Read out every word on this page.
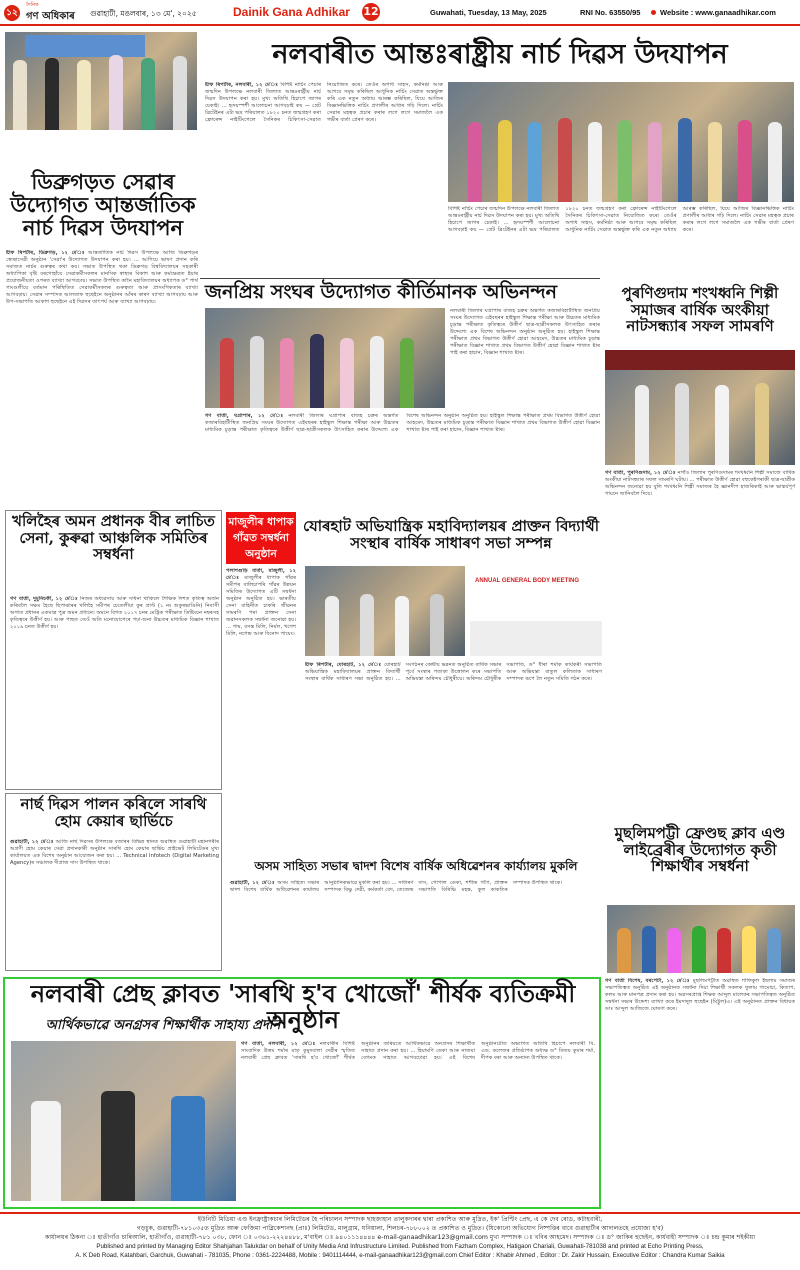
১২
দৈনিক
গণ অধিকাৰ গুৱাহাটী, মঙলবাৰ, ১৩ মে', ২০২৫	Dainik Gana Adhikar 12	Guwahati, Tuesday, 13 May, 2025	RNI No. 63550/95	Website : www.ganaadhikar.com
নলবাৰীত আন্তঃৰাষ্ট্ৰীয় নাৰ্চ দিৱস উদযাপন
ডিব্ৰুগড়ত সেৱাৰ উদ্যোগত আন্তৰ্জাতিক নাৰ্চ দিৱস উদযাপন
ষ্টাফ ৰিপৰ্টাৰ, ডিব্ৰুগড়, ১২ মে'ঃ আন্তৰ্জাতিক নাৰ্চ দিৱস উপলক্ষে আজি ডিব্ৰুগড়ৰ স্বেচ্ছাসেৱী অনুষ্ঠান 'সেৱা'ৰ উদ্যোগত উদযাপন কৰা হয়। ... আগিয়ে ভাষণ প্ৰদান কৰি সমাজত নাৰ্চৰ গুৰুত্বৰ কথা কয়। সভাত উপস্থিত থকা ডিব্ৰুগড় বিশ্ববিদ্যালয়ৰ সহকাৰী অধ্যাপিকা বৃষ্টি বৰগোহাঁয়ে সেৱাকৰ্মীসকলৰ মানসিক স্বাস্থ্যৰ বিকাশ আৰু কৰ্মক্ষেত্ৰত ইয়াৰ প্ৰয়োজনীয়তা ওপৰত ব্যাখ্যা আগবঢ়ায়। সভাত উপস্থিত কানৈ মহাবিদ্যালয়ৰ অধ্যাপক ড° পাৰ্থ গাংগুলীয়ে বৰ্তমান পৰিস্থিতিত সেৱাকৰ্মীসকলৰ গুৰুত্বতা আৰু প্ৰাসংগিকতাৰ ব্যাখ্যা আগবঢ়ায়। সেৱাৰ সম্পাদক আলতাফ হুছেইনে অনুষ্ঠানৰ আঁৰৰ কাৰণ ব্যাখ্যা আগবঢ়ায় আৰু উপ-সভাপতি আকাশ হুছেইনে এই দিৱসৰ তাৎপৰ্য আৰু ব্যাখ্যা আগবঢ়ায়।
ষ্টাফ ৰিপৰ্টাৰ, নলবাৰী, ১২ মে'ঃ বিশিষ্ট নাৰ্চিং পেচাৰ জন্মদিন উপলক্ষে নলবাৰী জিলাত আন্তঃৰাষ্ট্ৰীয় নাৰ্চ দিৱস উদযাপন কৰা হয়। মুখ্য অতিথি হিচাপে জাগৰ চেকাই। ... হৃদয়স্পৰ্শী আলোচনা আগবঢ়াই কয় — গ্ৰেট ব্ৰিটেইনৰ এটা ভদ্ৰ পৰিয়ালত ১৮২০ চনত জন্মগ্ৰহণ কৰা ফ্ৰোৰেন্স নাইটিংগেলে সৈনিকৰ চিকিৎসা-সেৱাত নিয়োজিত কৰে। তেওঁৰ অগাধ সাহস, কৰ্মনিষ্ঠা আৰু আগবে সমৃদ্ধ কৰিছিল আধুনিক নাৰ্চিং সেৱাত অন্তৰ্ভুক্ত কৰি এক নতুন অধ্যায় আৰম্ভ কৰিছিল, যিয়ে আজিৰ বিজ্ঞানভিত্তিক নাৰ্চিং প্ৰণালীৰ আধাৰ গঢ়ি দিলে। নাৰ্চিং সেৱাৰ মহত্বক প্ৰচাৰ কৰাৰ লগে লগে সমাজলৈ এক গভীৰ বাৰ্তা প্ৰেৰণ কৰে।
বিশিষ্ট নাৰ্চিং পেচাৰ জন্মদিন উপলক্ষে নলবাৰী জিলাত আন্তঃৰাষ্ট্ৰীয় নাৰ্চ দিৱস উদযাপন কৰা হয়। মুখ্য অতিথি হিচাপে জাগৰ চেকাই। ... হৃদয়স্পৰ্শী আলোচনা আগবঢ়াই কয় — গ্ৰেট ব্ৰিটেইনৰ এটা ভদ্ৰ পৰিয়ালত ১৮২০ চনত জন্মগ্ৰহণ কৰা ফ্ৰোৰেন্স নাইটিংগেলে সৈনিকৰ চিকিৎসা-সেৱাত নিয়োজিত কৰে। তেওঁৰ অগাধ সাহস, কৰ্মনিষ্ঠা আৰু আগবে সমৃদ্ধ কৰিছিল আধুনিক নাৰ্চিং সেৱাত অন্তৰ্ভুক্ত কৰি এক নতুন অধ্যায় আৰম্ভ কৰিছিল, যিয়ে আজিৰ বিজ্ঞানভিত্তিক নাৰ্চিং প্ৰণালীৰ আধাৰ গঢ়ি দিলে। নাৰ্চিং সেৱাৰ মহত্বক প্ৰচাৰ কৰাৰ লগে লগে সমাজলৈ এক গভীৰ বাৰ্তা প্ৰেৰণ কৰে।
জনপ্ৰিয় সংঘৰ উদ্যোগত কীৰ্তিমানক অভিনন্দন
নলবাৰী জিলাৰ ঘগ্ৰাপাৰ বাজহ চক্ৰৰ অন্তৰ্গত কজাৰবিহাটীস্থিত জনপ্ৰিয় সংঘৰ উদ্যোগত এইবছৰৰ হাইস্কুল শিক্ষান্ত পৰীক্ষা আৰু উচ্চতৰ মাধ্যমিক চূড়ান্ত পৰীক্ষাত কৃতিত্বৰে উত্তীৰ্ণ ছাত্ৰ-ছাত্ৰীসকলক উৎসাহিত কৰাৰ উদ্দেশ্যে এক বিশেষ অভিনন্দন অনুষ্ঠান অনুষ্ঠিত হয়। হাইস্কুল শিক্ষান্ত পৰীক্ষাত প্ৰথম বিভাগত উত্তীৰ্ণ হোৱা আহমেদ, উচ্চতৰ মাধ্যমিক চূড়ান্ত পৰীক্ষাত বিজ্ঞান শাখাত প্ৰথম বিভাগত উত্তীৰ্ণ হোৱা বিজ্ঞান শাখাত ষ্টাৰ পাই কৰা হাচান, বিজ্ঞান শাখাত ষ্টাৰ।
গণ বাৰ্তা, ঘগ্ৰাপাৰ, ১২ মে'ঃ নলবাৰী জিলাৰ ঘগ্ৰাপাৰ বাজহ চক্ৰৰ অন্তৰ্গত কজাৰবিহাটীস্থিত জনপ্ৰিয় সংঘৰ উদ্যোগত এইবছৰৰ হাইস্কুল শিক্ষান্ত পৰীক্ষা আৰু উচ্চতৰ মাধ্যমিক চূড়ান্ত পৰীক্ষাত কৃতিত্বৰে উত্তীৰ্ণ ছাত্ৰ-ছাত্ৰীসকলক উৎসাহিত কৰাৰ উদ্দেশ্যে এক বিশেষ অভিনন্দন অনুষ্ঠান অনুষ্ঠিত হয়। হাইস্কুল শিক্ষান্ত পৰীক্ষাত প্ৰথম বিভাগত উত্তীৰ্ণ হোৱা আহমেদ, উচ্চতৰ মাধ্যমিক চূড়ান্ত পৰীক্ষাত বিজ্ঞান শাখাত প্ৰথম বিভাগত উত্তীৰ্ণ হোৱা বিজ্ঞান শাখাত ষ্টাৰ পাই কৰা হাচান, বিজ্ঞান শাখাত ষ্টাৰ।
পুৰণিগুদাম শংখধ্বনি শিল্পী সমাজৰ বাৰ্ষিক অংকীয়া নাটসন্ধ্যাৰ সফল সামৰণি
গণ বাৰ্তা, পুৰণিগুদাম, ১২ মে'ঃ নগাঁও জিলাৰ পুৰণিগুদামৰ শংখধ্বনি শিল্পী সমাজে বাৰ্ষিক অংকীয়া নাটসন্ধ্যাৰ সফল সামৰণি ঘটায়। ... পৰীক্ষাত উত্তীৰ্ণ হোৱা বহুকেইগৰাকী ছাত্ৰ-ছাত্ৰীক অভিনন্দন জনোৱা হয় বুলি শংখধ্বনি শিল্পী সমাজৰ হৈ জ্ঞানদীপ হাজৰিকাই আৰু ভাস্কৰ্যপূৰ্ণ গায়নে জানিবলৈ দিয়ে।
খলিহৈৰ অমন প্ৰধানক বীৰ লাচিত সেনা, কুৰুৱা আঞ্চলিক সমিতিৰ সম্বৰ্ধনা
গণ বাৰ্তা, দুমুনিচকী, ১২ মে'ঃ নিজৰ অধ্যৱসায় আৰু সাধনা থাকিলে শৈক্ষিক দিশত কৃতিত্ব অৰ্জন কৰিবলৈ সক্ষম হৈছে ছিপাঝাৰৰ খলিহৈ সমীপৰ চেতেলীয়া কুৰ গ্ৰাণ্ট (১ নং শুকুৰভাঙিনি) নিবাসী অগাত প্ৰধানৰ একমাত্ৰ পুত্ৰ অমন প্ৰধানে। অমনে বিগত ২০১৭ চনৰ মেট্ৰিক পৰীক্ষাত ডিষ্টিংচন নম্বৰসহ কৃতিত্বৰে উত্তীৰ্ণ হয়। আৰু পাছত তেওঁ অতি মনোযোগেৰে পঢ়া-শুনা উচ্চতৰ মাধ্যমিক বিজ্ঞান শাখাত ২০১৯ চনত উত্তীৰ্ণ হয়।
মাজুলীৰ ধাপাক গাঁৱত সম্বৰ্ধনা অনুষ্ঠান
পলাশগুড়ি বাৰ্তা, মাজুলী, ১২ মে'ঃ মাজুলীৰ ধাপাক গাঁৱৰ সমীপৰ বালিচাপৰি গাঁৱৰ উন্নয়ন সমিতিৰ উদ্যোগত এটি সম্বৰ্ধনা অনুষ্ঠান অনুষ্ঠিত হয়। ভাৰতীয় সেনা বাহিনীত চাকৰি জীৱনৰ সামৰণি পৰা প্ৰাক্তন সেনা জৱানসকলক সম্বৰ্ধনা জনোৱা হয়। ... গাম, বসন্ত মিলি, নিৰ্মল, খগেশ মিলি, নগেন্দ্ৰ আৰু বিনোদ পায়েং।
যোৰহাট অভিযান্ত্ৰিক মহাবিদ্যালয়ৰ প্ৰাক্তন বিদ্যাৰ্থী সংস্থাৰ বাৰ্ষিক সাধাৰণ সভা সম্পন্ন
ANNUAL GENERAL BODY MEETING
ষ্টাফ ৰিপৰ্টাৰ, যোৰহাট, ১২ মে'ঃ যোৰহাট অভিযান্ত্ৰিক মহাবিদ্যালয়ৰ প্ৰাক্তন বিদ্যাৰ্থী সংস্থাৰ বাৰ্ষিক সাধাৰণ সভা অনুষ্ঠিত হয়। ... সংগঠনৰ কেন্দ্ৰীয় ভৱনত অনুষ্ঠিত বাৰ্ষিক সভাৰ পূৰ্বে সংস্থাৰ পতাকা উত্তোলন কৰে সভাপতি অভিযন্তা অৰিন্দম চৌধুৰীয়ে। অৰিন্দম চৌধুৰীক সভাপতি, ড° ধীৰা শৰ্মাক কাৰ্যকৰী সভাপতি আৰু অভিযন্তা বাতুল কলিতাক সাধাৰণ সম্পাদক ৰূপে লৈ নতুন সমিতি গঠন কৰে।
নাৰ্ছ দিৱস পালন কৰিলে সাৰথি হোম কেয়াৰ ছাৰ্ভিচে
গুৱাহাটী, ১২ মে'ঃ আজি নাৰ্ছ দিৱসৰ উপলক্ষে বজাৰৰ বিভিন্ন স্থানত অৱস্থিত গুৱাহাটী মহানগৰীৰ অগ্ৰণী হোম কেয়াৰ সেৱা প্ৰদানকাৰী অনুষ্ঠান সাৰথি হোম কেয়াৰ ছাৰ্ভিচ প্ৰাইভেট লিমিটেডৰ মুখ্য কাৰ্যালয়ত এক বিশেষ অনুষ্ঠান আয়োজন কৰা হয়। ... Technical Infotech (Digital Marketing Agency)ৰ সঞ্চালক দীপ্ৰাজ দাস উপস্থিত থাকে।	অসম সাহিত্য সভাৰ দ্বাদশ বিশেষ বাৰ্ষিক অধিৱেশনৰ কাৰ্য্যালয় মুকলি
গুৱাহাটী, ১২ মে'ঃ অসম সাহিত্য সভাৰ দ্বাদশ বিশেষ বাৰ্ষিক অধিৱেশনৰ কাৰ্যালয় আনুষ্ঠানিকভাৱে মুকলি কৰা হয়। ... সাধাৰণ সম্পাদক বিষ্ণু দেৱী, কৰ্মকৰ্তা বেদ, তেজেন্দ্ৰ দাস, গোপাল ডেকা, শশীন্দ্ৰ গগৈ, প্ৰাক্তন সভাপতি বিৰিঞ্চি মহন্ত, কুল কাকতিৰ সম্পাদক উপস্থিত থাকে।
মুছলিমপট্টী ফ্ৰেণ্ডছ ক্লাব এণ্ড লাইব্ৰেৰীৰ উদ্যোগত কৃতী শিক্ষাৰ্থীৰ সম্বৰ্ধনা
গণ বাৰ্তা বিশেষ, বৰপেটা, ১২ মে'ঃ মুছলিমপট্টীত অৱস্থিত শাফিকুল ইছলাম সমাজৰ সভাপতিত্বত অনুষ্ঠিত এই অনুষ্ঠানত সম্বৰ্ধনা দিয়া শিক্ষাৰ্থী সকলক ফুলাম গামোচা, কিতাপ, কলম আৰু মানপত্ৰ প্ৰদান কৰা হয়। অৱসৰপ্ৰাপ্ত শিক্ষক আব্দুল মালেকৰ সভাপতিত্বত অনুষ্ঠিত সম্বৰ্ধনা সভাৰ উদ্দেশ্য ব্যাখ্যা কৰে ইমদাদুল হুছেইন (মিট্টুল)এ। এই অনুষ্ঠানত প্ৰাক্তন বিধায়ক ডাঃ আব্দুল আজিজে ঘোষণা কৰে।
নলবাৰী প্ৰেছ ক্লাবত 'সাৰথি হ'ব খোজোঁ' শীৰ্ষক ব্যতিক্ৰমী অনুষ্ঠান
আৰ্থিকভাৱে অনগ্ৰসৰ শিক্ষাৰ্থীক সাহায্য প্ৰদান
গণ বাৰ্তা, নলবাৰী, ১২ মে'ঃ নলবাৰীৰ বিশিষ্ট সাংবাদিক উত্তম শৰ্মাৰ মাতৃ কুমুদবালা দেৱীৰ স্মৃতিত নলবাৰী প্ৰেছ ক্লাবত 'সাৰথি হ'ব খোজোঁ' শীৰ্ষক অনুষ্ঠানৰ জৰিয়তে আৰ্থিকভাৱে অনগ্ৰসৰ শিক্ষাৰ্থীক সাহায্য প্ৰদান কৰা হয়। ... হিয়ামণি ডেকা আৰু নাজমা বেগমক সাহায্য আগবঢ়োৱা হয়। এই বিশেষ অনুষ্ঠানটোত অভ্যাগত অতিথি হিচাপে নলবাৰী বি. এড. কলেজৰ প্ৰতিষ্ঠাপক অধ্যক্ষ ড° বিজয় কুমাৰ শৰ্মা, দীপক বৰা আৰু অন্যান্য উপস্থিত থাকে।
ইউনিটি মিডিয়া এণ্ড ইনফ্ৰাষ্ট্ৰাকচাৰ লিমিটেডৰ হৈ পৰিচালন সম্পাদক ছাহজাহান তালুকদাৰৰ দ্বাৰা প্ৰকাশিত আৰু মুদ্ৰিত, ইক' প্ৰিণ্টিং প্ৰেছ, এ কে দেব ৰোড, কটাহবাৰী,
গড়চুক, গুৱাহাটী-৭৮১০৩৫ত মুদ্ৰিত আৰু ফেজিমা পাব্লিকেশ্যনছ (প্ৰাঃ) লিমিটেড, মালুগ্ৰাম, ঘনিয়ালা, শিলচৰ-৭৮৮০০২ ত প্ৰকাশিত ও মুদ্ৰিত। (যিকোনো অভিযোগ নিষ্পত্তিৰ বাবে গুৱাহাটীৰ আদালতহে প্ৰযোজ্য হ'ব)
কাৰ্যালয়ৰ ঠিকনা ঃ হাতীগাঁও চাৰিআলি, হাতীগাঁও, গুৱাহাটী-৭৮১ ০৩৮, ফোন ঃ ০৩৬১-২২২৪৪৮৮, ম'বাইল ঃ ৯৪০১১১৪৪৪৪ e-mail-ganaadhikar123@gmail.com মুখ্য সম্পাদক ঃ খবিৰ আহমেদ। সম্পাদক ঃ ড° জাকিৰ হুছেইন, কাৰ্যবাহী সম্পাদক ঃ চন্দ্ৰ কুমাৰ শইকীয়া
Published and printed by Managing Editor Shahjahan Talukdar on behalf of Unity Media And Infrustructure Limited. Published from Fazham Complex, Hatigaon Chariali, Guwahati-781038 and printed at Echo Printing Press,
A. K Deb Road, Katahbari, Garchuk, Guwahati - 781035, Phone : 0361-2224488, Mobile : 9401114444, e-mail-ganaadhikar123@gmail.com Chief Editor : Khabir Ahmed , Editor : Dr. Zakir Hussain, Executive Editor : Chandra Kumar Saikia
